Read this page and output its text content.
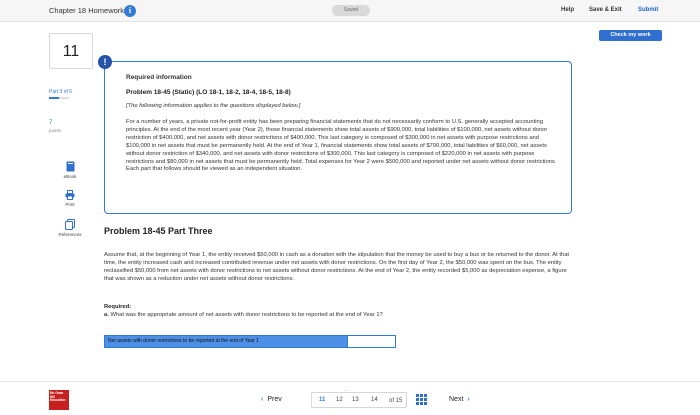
Chapter 18 Homework i	Saved	Help Save & Exit	Submit
Check my work
11
Part 3 of 6
7
points
eBook
Print
References
!
Required information
Problem 18-45 (Static) (LO 18-1, 18-2, 18-4, 18-5, 18-8)
[The following information applies to the questions displayed below.]
For a number of years, a private not-for-profit entity has been preparing financial statements that do not necessarily conform to U.S. generally accepted accounting principles. At the end of the most recent year (Year 2), those financial statements show total assets of $900,000, total liabilities of $100,000, net assets without donor restriction of $400,000, and net assets with donor restrictions of $400,000. This last category is composed of $300,000 in net assets with purpose restrictions and $100,000 in net assets that must be permanently held. At the end of Year 1, financial statements show total assets of $700,000, total liabilities of $60,000, net assets without donor restriction of $340,000, and net assets with donor restrictions of $300,000. This last category is composed of $220,000 in net assets with purpose restrictions and $80,000 in net assets that must be permanently held. Total expenses for Year 2 were $500,000 and reported under net assets without donor restrictions. Each part that follows should be viewed as an independent situation.
Problem 18-45 Part Three
Assume that, at the beginning of Year 1, the entity received $50,000 in cash as a donation with the stipulation that the money be used to buy a bus or be returned to the donor. At that time, the entity increased cash and increased contributed revenue under net assets with donor restrictions. On the first day of Year 2, the $50,000 was spent on the bus. The entity reclassified $50,000 from net assets with donor restrictions to net assets without donor restrictions. At the end of Year 2, the entity recorded $5,000 as depreciation expense, a figure that was shown as a reduction under net assets without donor restrictions.
Required:
a. What was the appropriate amount of net assets with donor restrictions to be reported at the end of Year 1?
Net assets with donor restrictions to be reported at the end of Year 1
Mc Graw Hill Education	‹ Prev	11 12 13 14
⋯
of 15	Next ›
